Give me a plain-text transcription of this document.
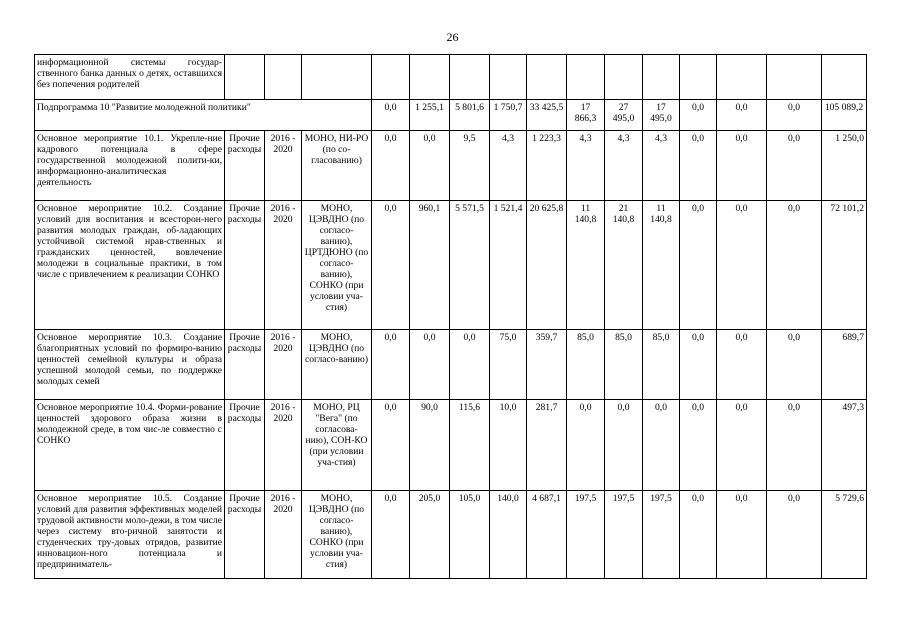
26
информационной системы государ-ственного банка данных о детях, оставшихся без попечения родителей															
Подпрограмма 10 "Развитие молодежной политики"				0,0	1 255,1	5 801,6	1 750,7	33 425,5	17 866,3	27 495,0	17 495,0	0,0	0,0	0,0	105 089,2
Основное мероприятие 10.1. Укрепле-ние кадрового потенциала в сфере государственной молодежной полити-ки, информационно-аналитическая деятельность	Прочие расходы	2016 - 2020	МОНО, НИ-РО (по со-гласованию)	0,0	0,0	9,5	4,3	1 223,3	4,3	4,3	4,3	0,0	0,0	0,0	1 250,0
Основное мероприятие 10.2. Создание условий для воспитания и всесторон-него развития молодых граждан, об-ладающих устойчивой системой нрав-ственных и гражданских ценностей, вовлечение молодежи в социальные практики, в том числе с привлечением к реализации СОНКО	Прочие расходы	2016 - 2020	МОНО, ЦЭВДНО (по согласо-ванию), ЦРТДЮНО (по согласо-ванию), СОНКО (при условии уча-стия)	0,0	960,1	5 571,5	1 521,4	20 625,8	11 140,8	21 140,8	11 140,8	0,0	0,0	0,0	72 101,2
Основное мероприятие 10.3. Создание благоприятных условий по формиро-ванию ценностей семейной культуры и образа успешной молодой семьи, по поддержке молодых семей	Прочие расходы	2016 - 2020	МОНО, ЦЭВДНО (по согласо-ванию)	0,0	0,0	0,0	75,0	359,7	85,0	85,0	85,0	0,0	0,0	0,0	689,7
Основное мероприятие 10.4. Форми-рование ценностей здорового образа жизни в молодежной среде, в том чис-ле совместно с СОНКО	Прочие расходы	2016 - 2020	МОНО, РЦ "Вега" (по согласова-нию), СОН-КО (при условии уча-стия)	0,0	90,0	115,6	10,0	281,7	0,0	0,0	0,0	0,0	0,0	0,0	497,3
Основное мероприятие 10.5. Создание условий для развития эффективных моделей трудовой активности моло-дежи, в том числе через систему вто-ричной занятости и студенческих тру-довых отрядов, развитие инновацион-ного потенциала и предприниматель-	Прочие расходы	2016 - 2020	МОНО, ЦЭВДНО (по согласо-ванию), СОНКО (при условии уча-стия)	0,0	205,0	105,0	140,0	4 687,1	197,5	197,5	197,5	0,0	0,0	0,0	5 729,6
